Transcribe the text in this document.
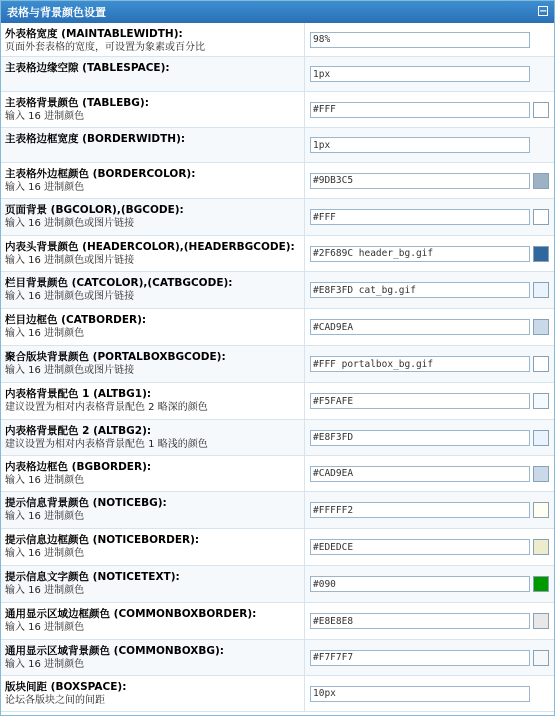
表格与背景颜色设置	−
外表格宽度 (MAINTABLEWIDTH):
页面外套表格的宽度，可设置为象素或百分比
98%
主表格边缘空隙 (TABLESPACE):
1px
主表格背景颜色 (TABLEBG):
输入 16 进制颜色
#FFF
主表格边框宽度 (BORDERWIDTH):
1px
主表格外边框颜色 (BORDERCOLOR):
输入 16 进制颜色
#9DB3C5
页面背景 (BGCOLOR),(BGCODE):
输入 16 进制颜色或图片链接
#FFF
内表头背景颜色 (HEADERCOLOR),(HEADERBGCODE):
输入 16 进制颜色或图片链接
#2F689C header_bg.gif
栏目背景颜色 (CATCOLOR),(CATBGCODE):
输入 16 进制颜色或图片链接
#E8F3FD cat_bg.gif
栏目边框色 (CATBORDER):
输入 16 进制颜色
#CAD9EA
聚合版块背景颜色 (PORTALBOXBGCODE):
输入 16 进制颜色或图片链接
#FFF portalbox_bg.gif
内表格背景配色 1 (ALTBG1):
建议设置为相对内表格背景配色 2 略深的颜色
#F5FAFE
内表格背景配色 2 (ALTBG2):
建议设置为相对内表格背景配色 1 略浅的颜色
#E8F3FD
内表格边框色 (BGBORDER):
输入 16 进制颜色
#CAD9EA
提示信息背景颜色 (NOTICEBG):
输入 16 进制颜色
#FFFFF2
提示信息边框颜色 (NOTICEBORDER):
输入 16 进制颜色
#EDEDCE
提示信息文字颜色 (NOTICETEXT):
输入 16 进制颜色
#090
通用显示区域边框颜色 (COMMONBOXBORDER):
输入 16 进制颜色
#E8E8E8
通用显示区域背景颜色 (COMMONBOXBG):
输入 16 进制颜色
#F7F7F7
版块间距 (BOXSPACE):
论坛各版块之间的间距
10px
